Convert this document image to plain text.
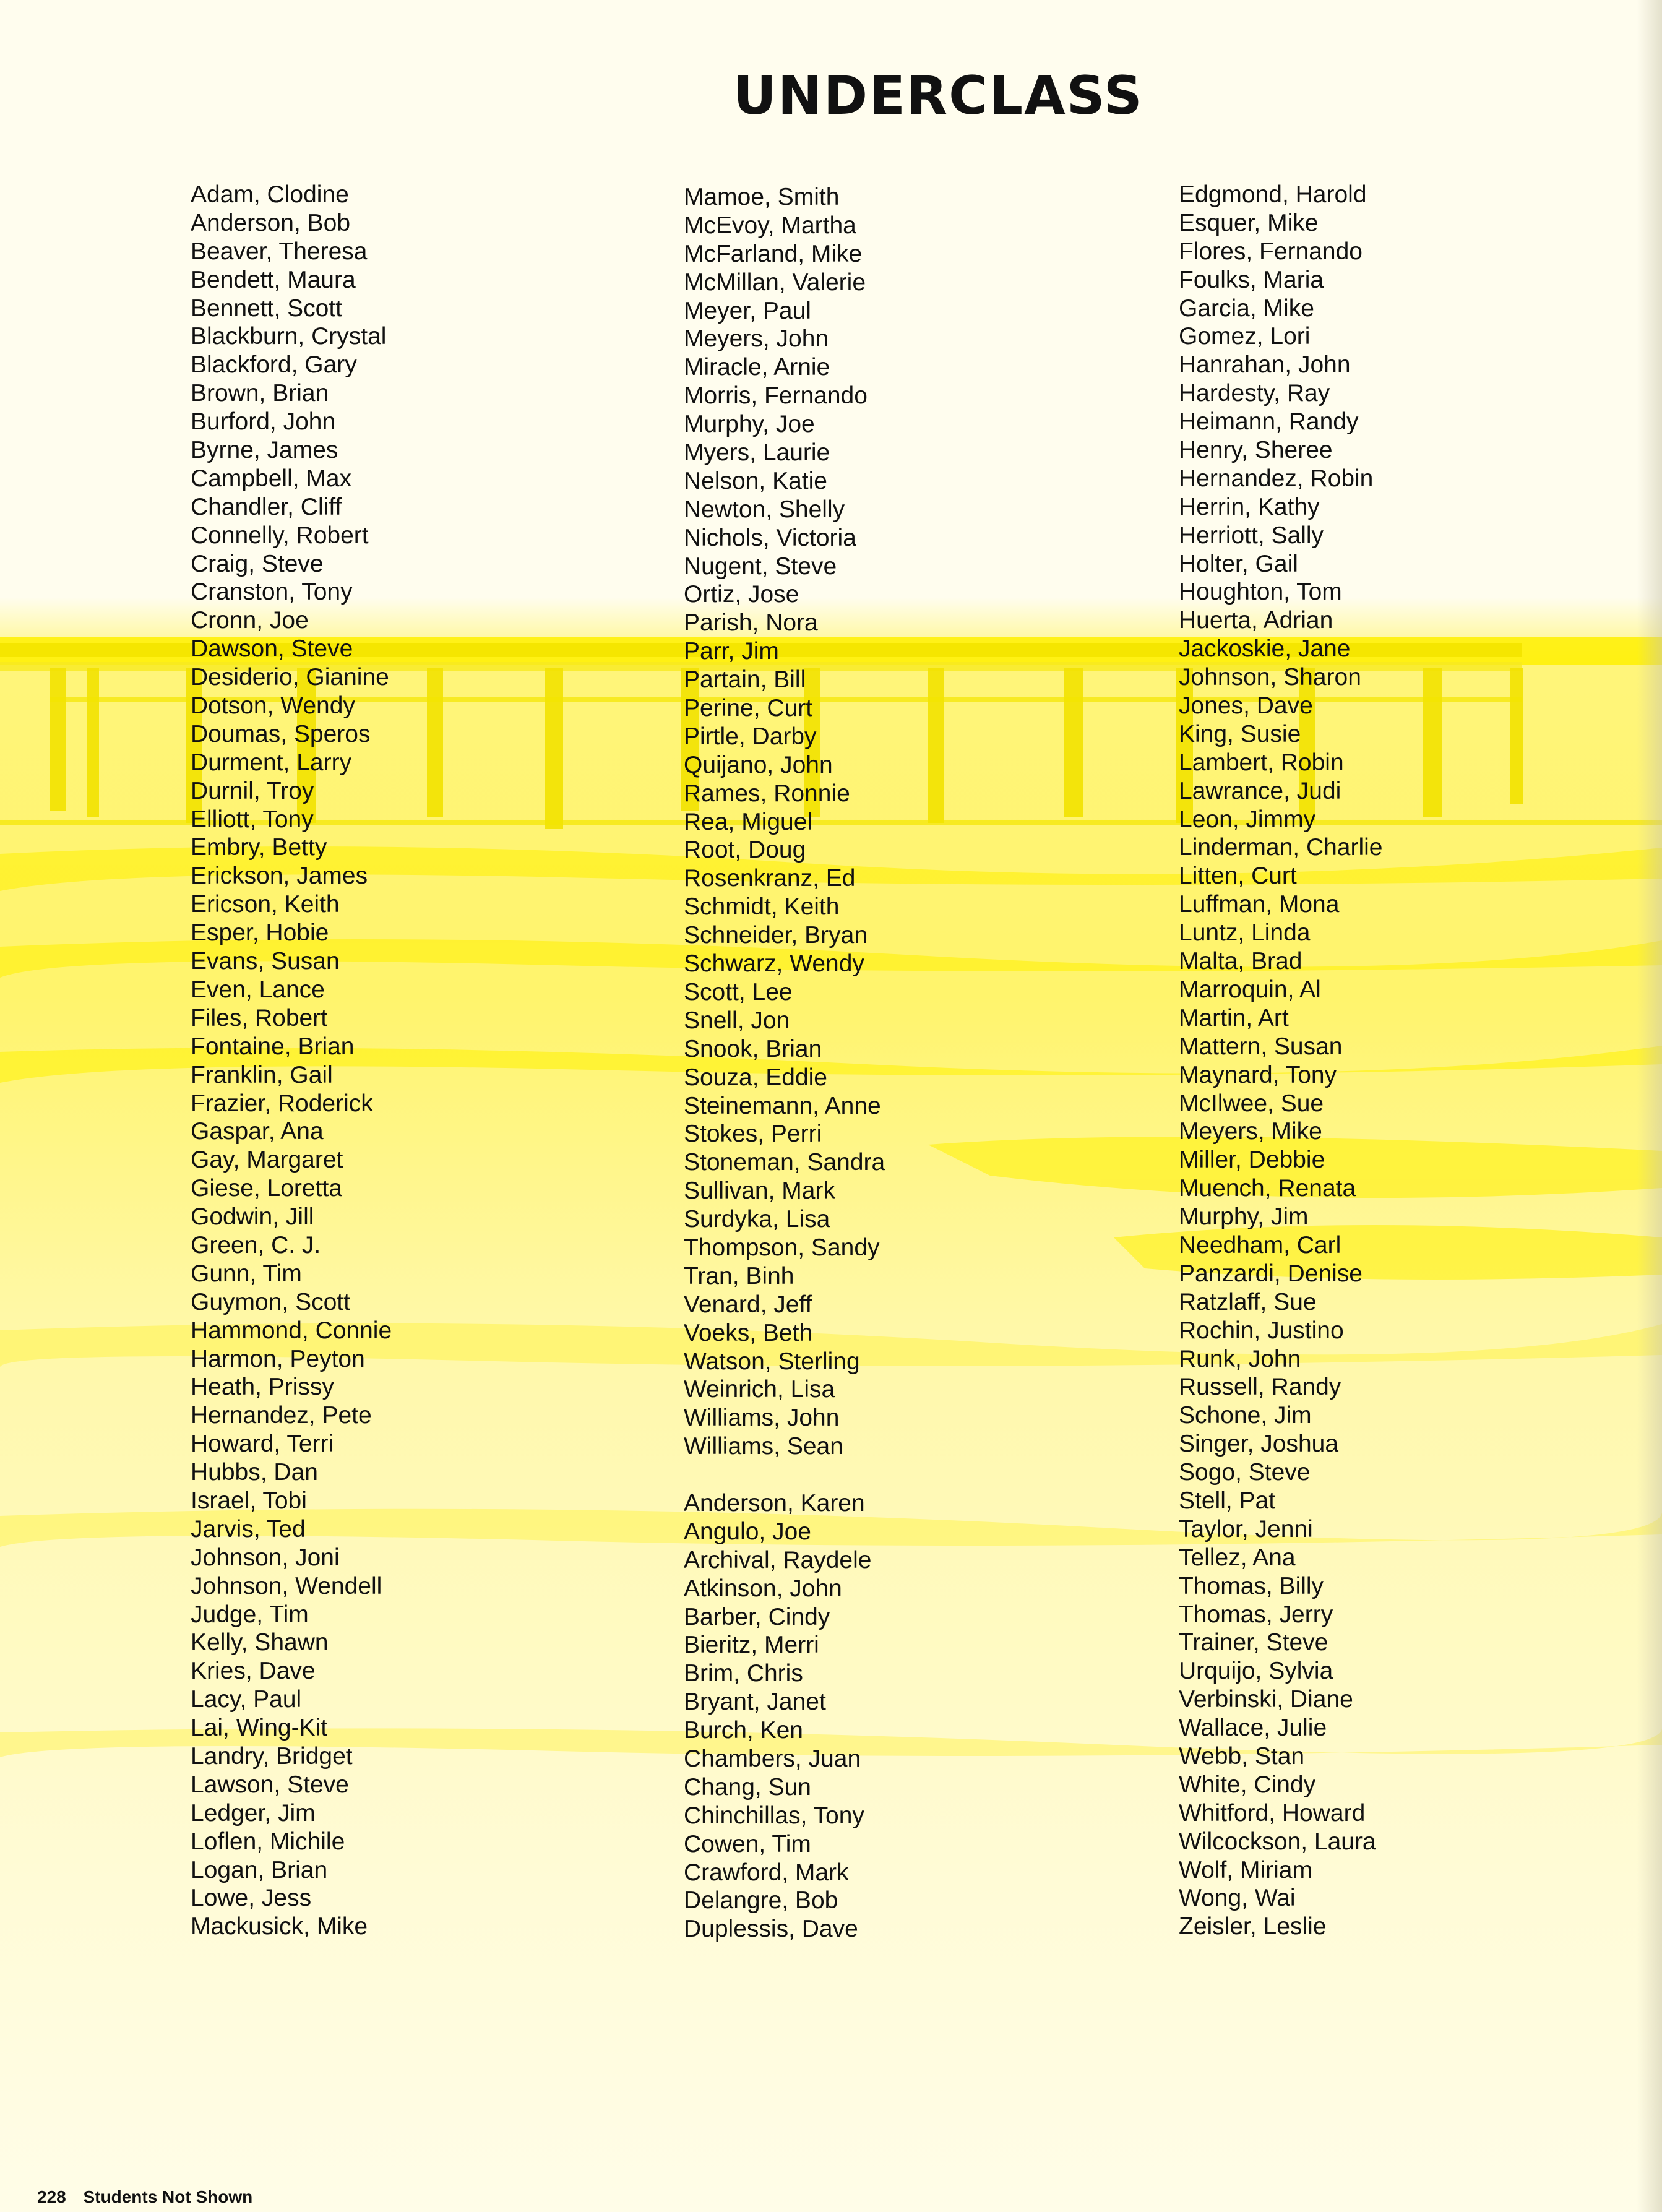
UNDERCLASS
Adam, Clodine
Anderson, Bob
Beaver, Theresa
Bendett, Maura
Bennett, Scott
Blackburn, Crystal
Blackford, Gary
Brown, Brian
Burford, John
Byrne, James
Campbell, Max
Chandler, Cliff
Connelly, Robert
Craig, Steve
Cranston, Tony
Cronn, Joe
Dawson, Steve
Desiderio, Gianine
Dotson, Wendy
Doumas, Speros
Durment, Larry
Durnil, Troy
Elliott, Tony
Embry, Betty
Erickson, James
Ericson, Keith
Esper, Hobie
Evans, Susan
Even, Lance
Files, Robert
Fontaine, Brian
Franklin, Gail
Frazier, Roderick
Gaspar, Ana
Gay, Margaret
Giese, Loretta
Godwin, Jill
Green, C. J.
Gunn, Tim
Guymon, Scott
Hammond, Connie
Harmon, Peyton
Heath, Prissy
Hernandez, Pete
Howard, Terri
Hubbs, Dan
Israel, Tobi
Jarvis, Ted
Johnson, Joni
Johnson, Wendell
Judge, Tim
Kelly, Shawn
Kries, Dave
Lacy, Paul
Lai, Wing-Kit
Landry, Bridget
Lawson, Steve
Ledger, Jim
Loflen, Michile
Logan, Brian
Lowe, Jess
Mackusick, Mike
Mamoe, Smith
McEvoy, Martha
McFarland, Mike
McMillan, Valerie
Meyer, Paul
Meyers, John
Miracle, Arnie
Morris, Fernando
Murphy, Joe
Myers, Laurie
Nelson, Katie
Newton, Shelly
Nichols, Victoria
Nugent, Steve
Ortiz, Jose
Parish, Nora
Parr, Jim
Partain, Bill
Perine, Curt
Pirtle, Darby
Quijano, John
Rames, Ronnie
Rea, Miguel
Root, Doug
Rosenkranz, Ed
Schmidt, Keith
Schneider, Bryan
Schwarz, Wendy
Scott, Lee
Snell, Jon
Snook, Brian
Souza, Eddie
Steinemann, Anne
Stokes, Perri
Stoneman, Sandra
Sullivan, Mark
Surdyka, Lisa
Thompson, Sandy
Tran, Binh
Venard, Jeff
Voeks, Beth
Watson, Sterling
Weinrich, Lisa
Williams, John
Williams, Sean
Anderson, Karen
Angulo, Joe
Archival, Raydele
Atkinson, John
Barber, Cindy
Bieritz, Merri
Brim, Chris
Bryant, Janet
Burch, Ken
Chambers, Juan
Chang, Sun
Chinchillas, Tony
Cowen, Tim
Crawford, Mark
Delangre, Bob
Duplessis, Dave
Edgmond, Harold
Esquer, Mike
Flores, Fernando
Foulks, Maria
Garcia, Mike
Gomez, Lori
Hanrahan, John
Hardesty, Ray
Heimann, Randy
Henry, Sheree
Hernandez, Robin
Herrin, Kathy
Herriott, Sally
Holter, Gail
Houghton, Tom
Huerta, Adrian
Jackoskie, Jane
Johnson, Sharon
Jones, Dave
King, Susie
Lambert, Robin
Lawrance, Judi
Leon, Jimmy
Linderman, Charlie
Litten, Curt
Luffman, Mona
Luntz, Linda
Malta, Brad
Marroquin, Al
Martin, Art
Mattern, Susan
Maynard, Tony
McIlwee, Sue
Meyers, Mike
Miller, Debbie
Muench, Renata
Murphy, Jim
Needham, Carl
Panzardi, Denise
Ratzlaff, Sue
Rochin, Justino
Runk, John
Russell, Randy
Schone, Jim
Singer, Joshua
Sogo, Steve
Stell, Pat
Taylor, Jenni
Tellez, Ana
Thomas, Billy
Thomas, Jerry
Trainer, Steve
Urquijo, Sylvia
Verbinski, Diane
Wallace, Julie
Webb, Stan
White, Cindy
Whitford, Howard
Wilcockson, Laura
Wolf, Miriam
Wong, Wai
Zeisler, Leslie
228 Students Not Shown
